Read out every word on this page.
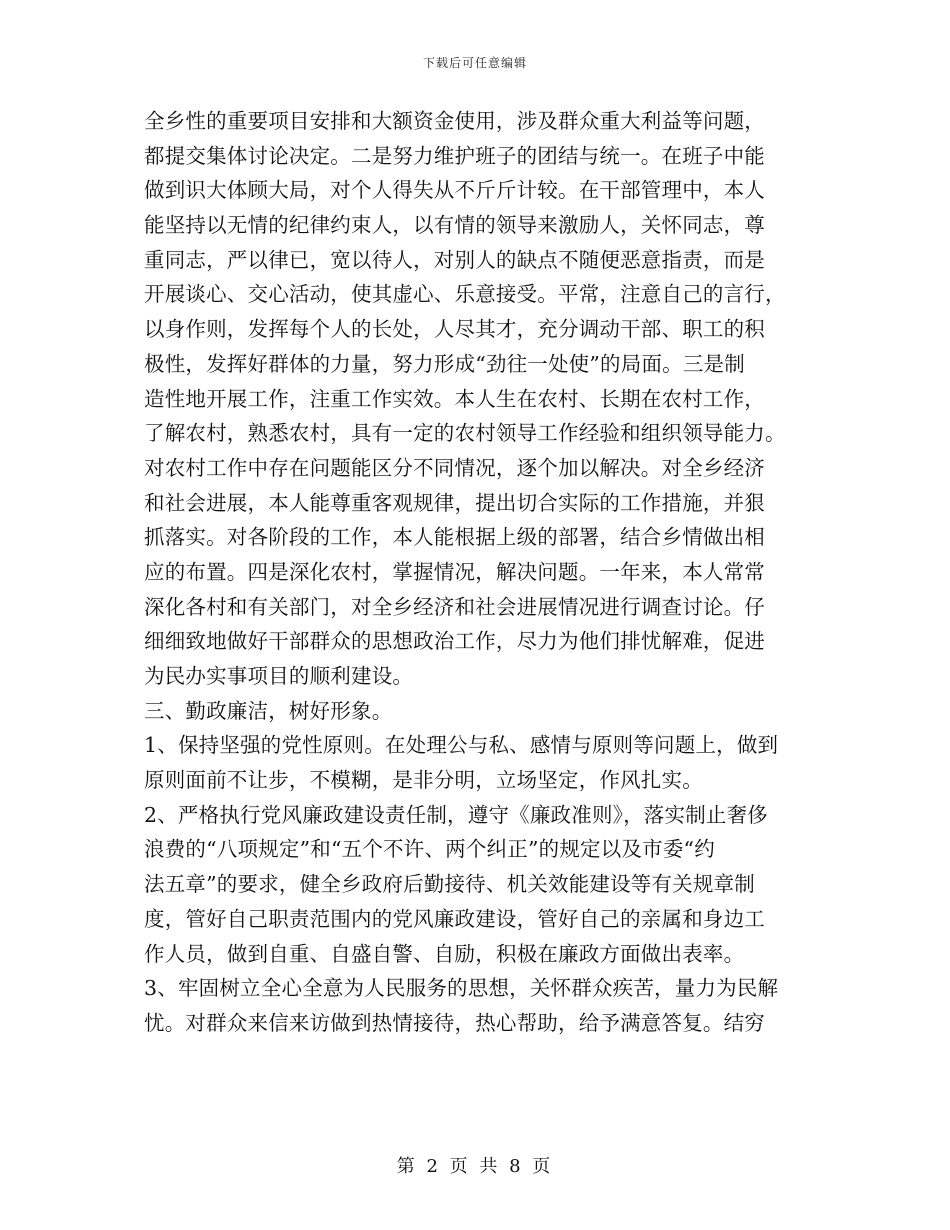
下载后可任意编辑
全乡性的重要项目安排和大额资金使用，涉及群众重大利益等问题，
都提交集体讨论决定。二是努力维护班子的团结与统一。在班子中能
做到识大体顾大局，对个人得失从不斤斤计较。在干部管理中，本人
能坚持以无情的纪律约束人，以有情的领导来激励人，关怀同志，尊
重同志，严以律已，宽以待人，对别人的缺点不随便恶意指责，而是
开展谈心、交心活动，使其虚心、乐意接受。平常，注意自己的言行，
以身作则，发挥每个人的长处，人尽其才，充分调动干部、职工的积
极性，发挥好群体的力量，努力形成“劲往一处使”的局面。三是制
造性地开展工作，注重工作实效。本人生在农村、长期在农村工作，
了解农村，熟悉农村，具有一定的农村领导工作经验和组织领导能力。
对农村工作中存在问题能区分不同情况，逐个加以解决。对全乡经济
和社会进展，本人能尊重客观规律，提出切合实际的工作措施，并狠
抓落实。对各阶段的工作，本人能根据上级的部署，结合乡情做出相
应的布置。四是深化农村，掌握情况，解决问题。一年来，本人常常
深化各村和有关部门，对全乡经济和社会进展情况进行调查讨论。仔
细细致地做好干部群众的思想政治工作，尽力为他们排忧解难，促进
为民办实事项目的顺利建设。
三、勤政廉洁，树好形象。
1、保持坚强的党性原则。在处理公与私、感情与原则等问题上，做到
原则面前不让步，不模糊，是非分明，立场坚定，作风扎实。
2、严格执行党风廉政建设责任制，遵守《廉政准则》，落实制止奢侈
浪费的“八项规定”和“五个不许、两个纠正”的规定以及市委“约
法五章”的要求，健全乡政府后勤接待、机关效能建设等有关规章制
度，管好自己职责范围内的党风廉政建设，管好自己的亲属和身边工
作人员，做到自重、自盛自警、自励，积极在廉政方面做出表率。
3、牢固树立全心全意为人民服务的思想，关怀群众疾苦，量力为民解
忧。对群众来信来访做到热情接待，热心帮助，给予满意答复。结穷
第 2 页 共 8 页
